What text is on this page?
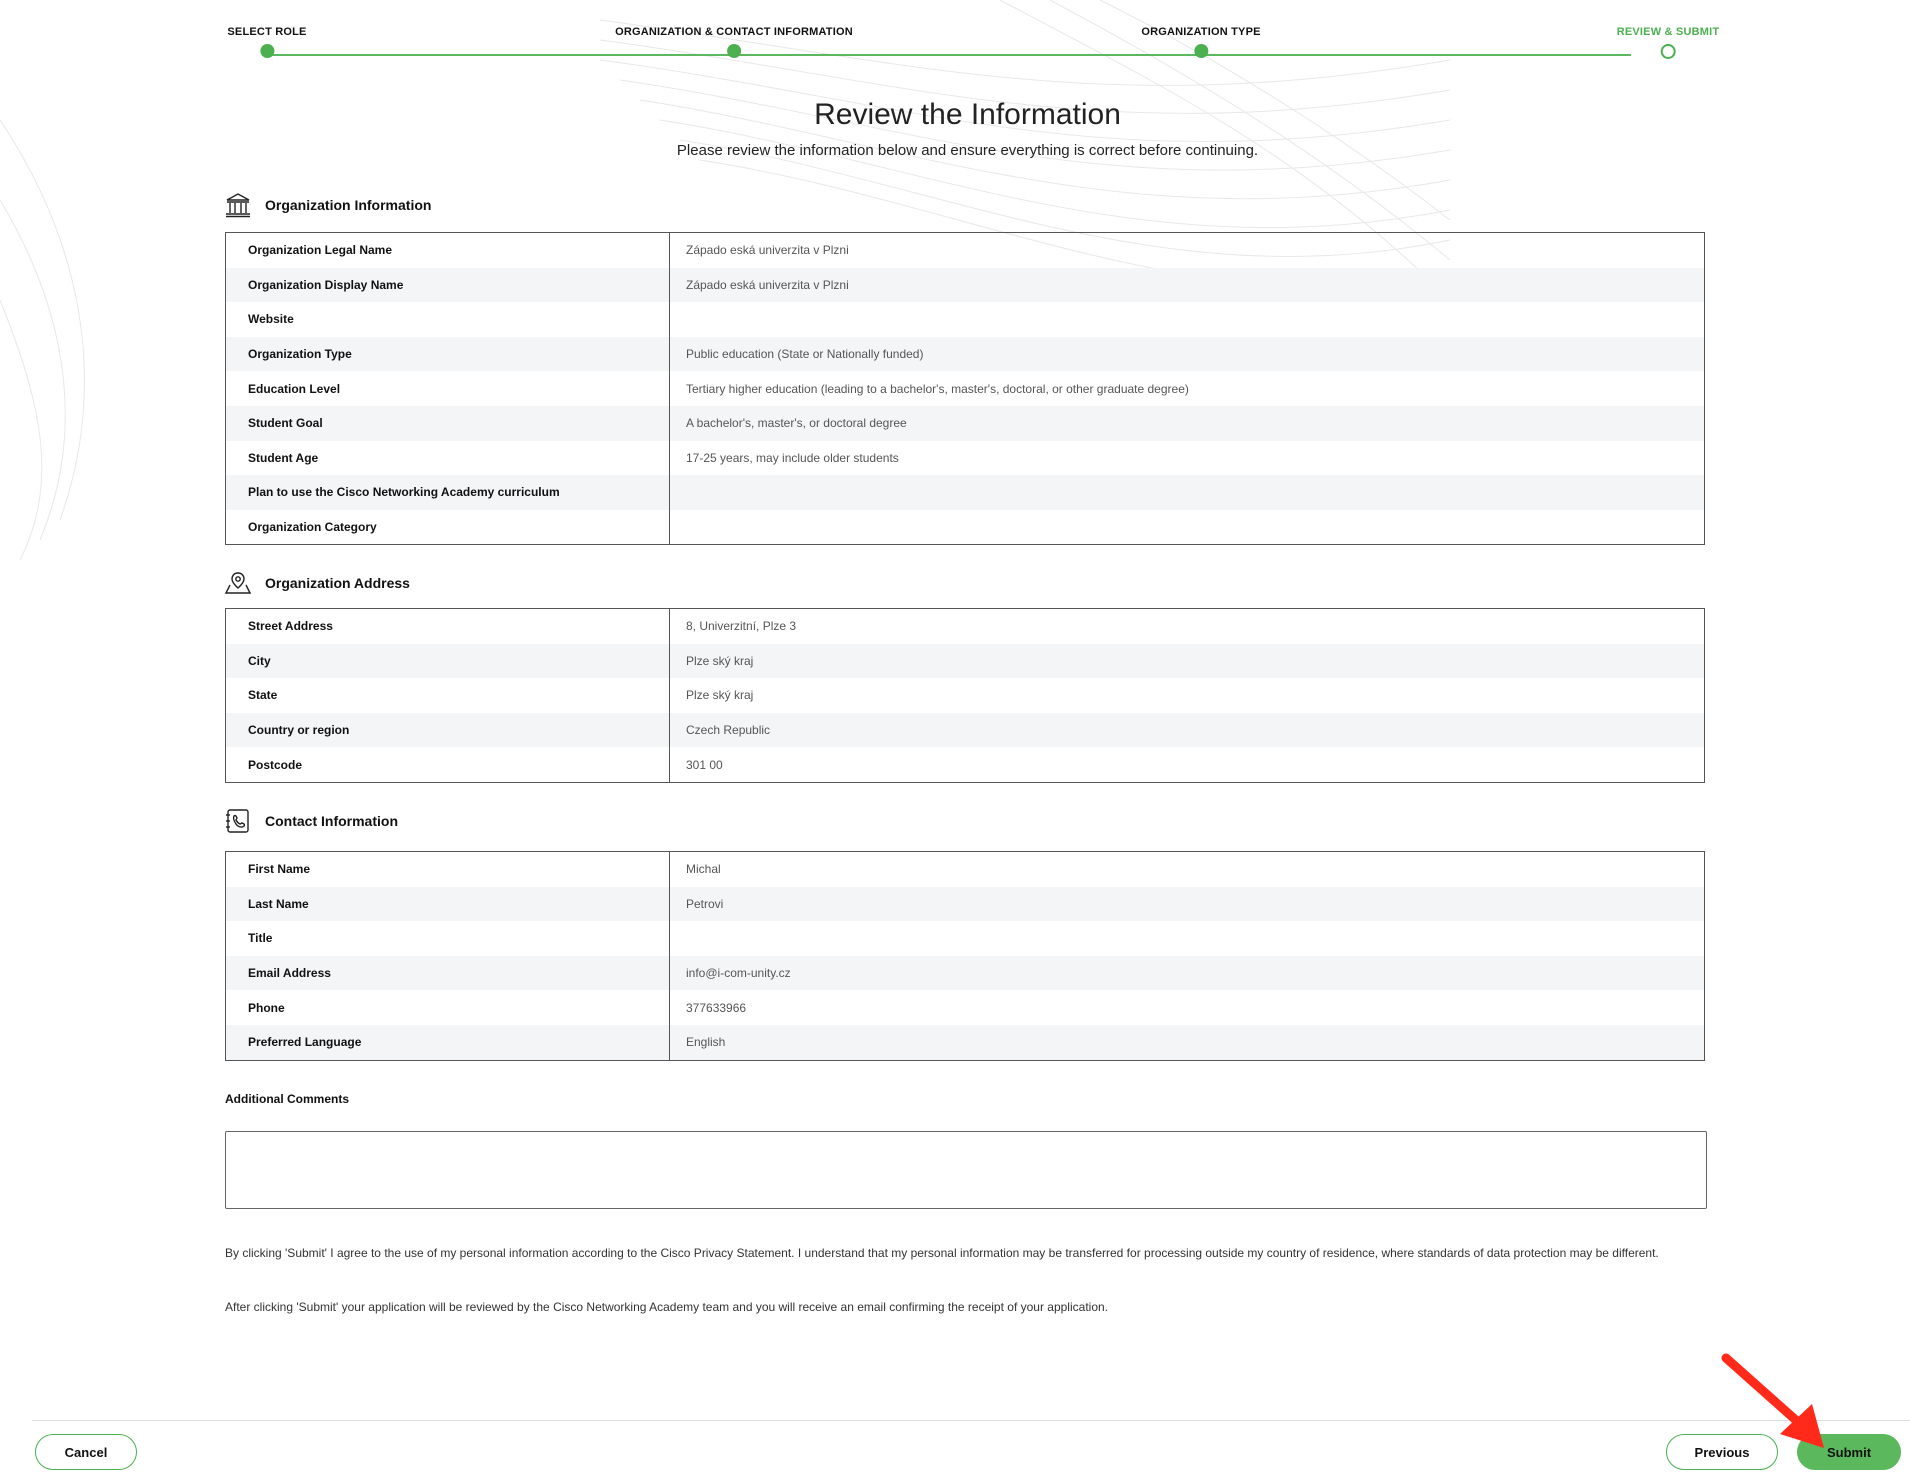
SELECT ROLE	ORGANIZATION & CONTACT INFORMATION	ORGANIZATION TYPE	REVIEW & SUBMIT
Review the Information
Please review the information below and ensure everything is correct before continuing.
Organization Information
Organization Legal Name	Západo eská univerzita v Plzni
Organization Display Name	Západo eská univerzita v Plzni
Website
Organization Type	Public education (State or Nationally funded)
Education Level	Tertiary higher education (leading to a bachelor's, master's, doctoral, or other graduate degree)
Student Goal	A bachelor's, master's, or doctoral degree
Student Age	17-25 years, may include older students
Plan to use the Cisco Networking Academy curriculum
Organization Category
Organization Address
Street Address	8, Univerzitní, Plze 3
City	Plze ský kraj
State	Plze ský kraj
Country or region	Czech Republic
Postcode	301 00
Contact Information
First Name	Michal
Last Name	Petrovi
Title
Email Address	info@i-com-unity.cz
Phone	377633966
Preferred Language	English
Additional Comments
By clicking 'Submit' I agree to the use of my personal information according to the Cisco Privacy Statement. I understand that my personal information may be transferred for processing outside my country of residence, where standards of data protection may be different.
After clicking 'Submit' your application will be reviewed by the Cisco Networking Academy team and you will receive an email confirming the receipt of your application.
Cancel	Previous	Submit
